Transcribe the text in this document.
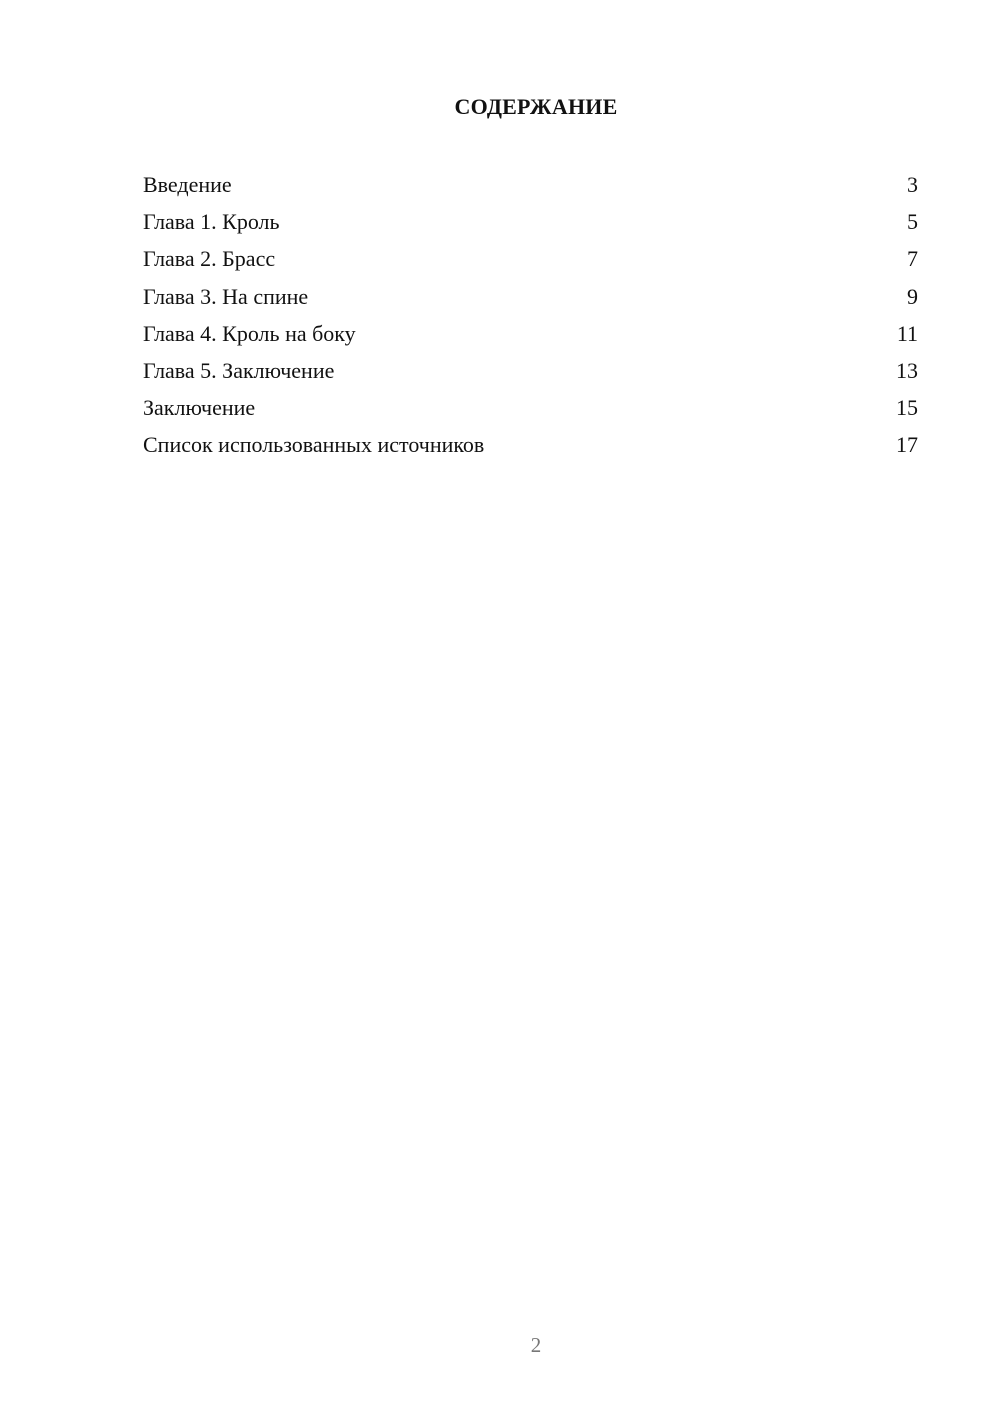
СОДЕРЖАНИЕ
Введение	3
Глава 1. Кроль	5
Глава 2. Брасс	7
Глава 3. На спине	9
Глава 4. Кроль на боку	11
Глава 5. Заключение	13
Заключение	15
Список использованных источников	17
2
